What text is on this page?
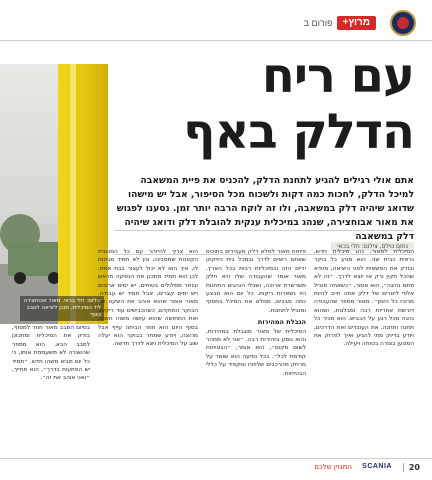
פורום ב	מרוץ+
צילום: חלי בכאי. מאור אבוחצירה ליד המיכלית, מוכן ליציאה לסבב נוסף
עם ריח
הדלק באף
אתם אולי רגילים להגיע לתחנת הדלק, להכניס את פיית המשאבה למיכל הדלק, לחכות כמה דקות ולשכוח מכל הסיפור, אבל יש מישהו שדואג שיהיה דלק במשאבה, ולו זה לוקח הרבה יותר זמן. נסענו לפגוש את מאור אבוחצירה, שנהג במיכלית ענקית להובלת דלק ודואג שיהיה דלק במשאבה
נחום נוילס, צילום: חלי בכאי

המיכלית למאור, נהג מיכלית חדש, נראית כבית שני. הוא מגיע כל בוקר ובודק את המשאית לפני היציאה, מוודא שהכל תקין ורק אז יוצא לדרך. ״זה לא סתם נהיגה״, הוא אומר, ״כשאתה מוביל אלפי ליטרים של דלק אתה חייב להיות מרוכז כל הזמן״. מאור מספר שהעבודה דורשת אחריות רבה וסבלנות, ושהוא נהנה מכל רגע על הכביש. הוא מכיר כל תחנה ותחנה, את העובדים ואת הדרכים, ויודע בדיוק מתי להגיע ואיך לפרוק את המטען בצורה בטוחה ויעילה.

פיתוח מאור למלא דלק מעבירים בתוכים שאתם רואים לדרך ובמכל בית הזיקוק ידיים הזה ובמיכליות רבות בכל הארץ. מאור אומר שהעבודה שלו היא חלק משרשרת ארוכה, ושבלי הנהגים התחנות היו נשארות ריקות. כל יום הוא מבצע כמה סבבים, ממלא את המיכל במסוף ומוביל לתחנות.

הגבלת המהירות

המיכלית של מאור מוגבלת במהירות, והוא נוסע בזהירות רבה. ״אני לא ממהר לשום מקום״, הוא אומר, ״הבטיחות קודמת לכל״. בכל נסיעה הוא שומר על מרחק מהרכבים שלפניו ומקפיד על כללי הבטיחות.

הוא צריך להיזהר עם כל המכונית הקטנות שמסביבו, והן לא תמיד מבינות לו, איך הוא לא יכול לעצור בבת אחת. לכן הוא תמיד מתכנן את הנסיעה מראש ובוחר מסלולים בטוחים. יש ימים ארוכים ויש ימים קצרים, אבל תמיד יש עבודה. מאור אומר שהוא אוהב את השקט של הבוקר המוקדם, כשהכבישים עוד ריקים, ואת התחושה שהוא עושה משהו חשוב. בסוף היום הוא חוזר הביתה עייף אבל מרוצה, ויודע שמחר בבוקר הוא יעלה שוב על המיכלית ויצא לדרך חדשה.

בסיום הסבב מאור חוזר למסוף, בודק את המיכלית ומתכונן לסבב הבא. הוא מספר שהשגרה לא משעממת אותו, כי כל יום מביא משהו חדש. ״תמיד יש הפתעות בדרך״, הוא מחייך, ״ואני אוהב את זה״.

20
SCANIA
המגזין שלכם
